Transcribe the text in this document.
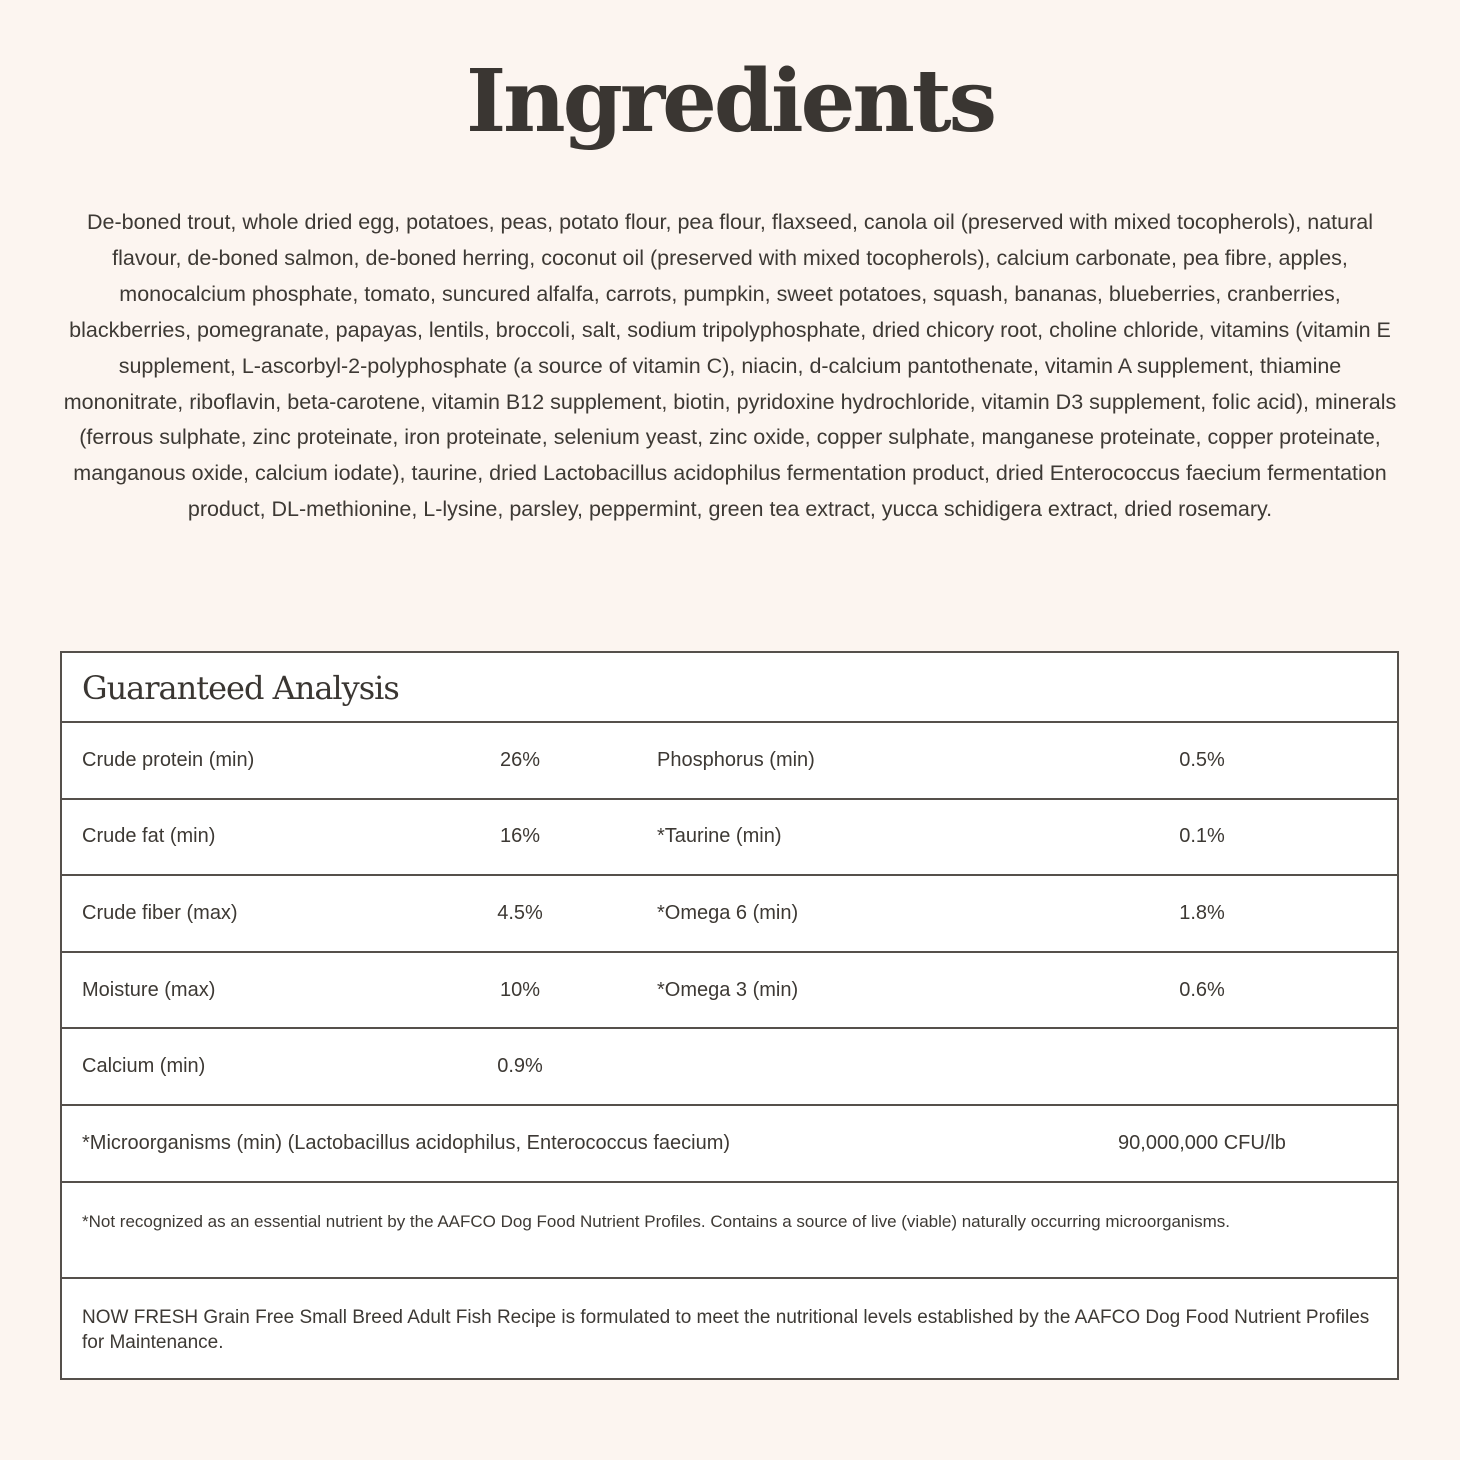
Ingredients

De-boned trout, whole dried egg, potatoes, peas, potato flour, pea flour, flaxseed, canola oil (preserved with mixed tocopherols), natural flavour, de-boned salmon, de-boned herring, coconut oil (preserved with mixed tocopherols), calcium carbonate, pea fibre, apples, monocalcium phosphate, tomato, suncured alfalfa, carrots, pumpkin, sweet potatoes, squash, bananas, blueberries, cranberries, blackberries, pomegranate, papayas, lentils, broccoli, salt, sodium tripolyphosphate, dried chicory root, choline chloride, vitamins (vitamin E supplement, L-ascorbyl-2-polyphosphate (a source of vitamin C), niacin, d-calcium pantothenate, vitamin A supplement, thiamine mononitrate, riboflavin, beta-carotene, vitamin B12 supplement, biotin, pyridoxine hydrochloride, vitamin D3 supplement, folic acid), minerals (ferrous sulphate, zinc proteinate, iron proteinate, selenium yeast, zinc oxide, copper sulphate, manganese proteinate, copper proteinate, manganous oxide, calcium iodate), taurine, dried Lactobacillus acidophilus fermentation product, dried Enterococcus faecium fermentation product, DL-methionine, L-lysine, parsley, peppermint, green tea extract, yucca schidigera extract, dried rosemary.

Guaranteed Analysis
Crude protein (min)	26%	Phosphorus (min)	0.5%
Crude fat (min)	16%	*Taurine (min)	0.1%
Crude fiber (max)	4.5%	*Omega 6 (min)	1.8%
Moisture (max)	10%	*Omega 3 (min)	0.6%
Calcium (min)	0.9%
*Microorganisms (min) (Lactobacillus acidophilus, Enterococcus faecium)	90,000,000 CFU/lb
*Not recognized as an essential nutrient by the AAFCO Dog Food Nutrient Profiles. Contains a source of live (viable) naturally occurring microorganisms.
NOW FRESH Grain Free Small Breed Adult Fish Recipe is formulated to meet the nutritional levels established by the AAFCO Dog Food Nutrient Profiles for Maintenance.
